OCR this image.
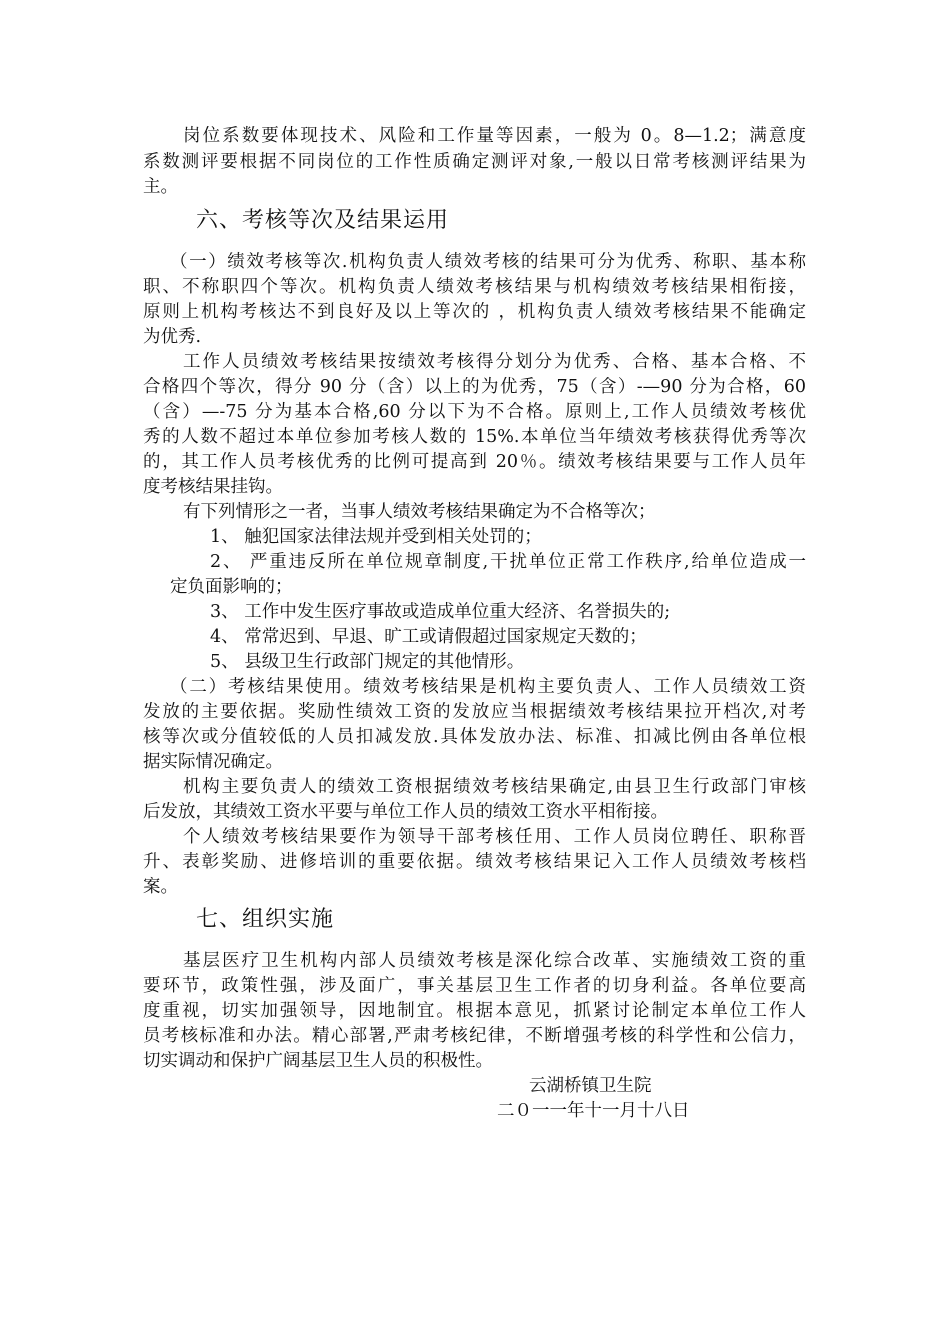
岗位系数要体现技术、风险和工作量等因素，一般为 0。8—1.2；满意度
系数测评要根据不同岗位的工作性质确定测评对象,一般以日常考核测评结果为
主。
六、考核等次及结果运用
（一）绩效考核等次.机构负责人绩效考核的结果可分为优秀、称职、基本称
职、不称职四个等次。机构负责人绩效考核结果与机构绩效考核结果相衔接，
原则上机构考核达不到良好及以上等次的 ，机构负责人绩效考核结果不能确定
为优秀.
工作人员绩效考核结果按绩效考核得分划分为优秀、合格、基本合格、不
合格四个等次，得分 90 分（含）以上的为优秀，75（含）-—90 分为合格，60
（含）—-75 分为基本合格,60 分以下为不合格。原则上,工作人员绩效考核优
秀的人数不超过本单位参加考核人数的 15%.本单位当年绩效考核获得优秀等次
的，其工作人员考核优秀的比例可提高到 20％。绩效考核结果要与工作人员年
度考核结果挂钩。
有下列情形之一者，当事人绩效考核结果确定为不合格等次；
1、 触犯国家法律法规并受到相关处罚的；
2、 严重违反所在单位规章制度,干扰单位正常工作秩序,给单位造成一
定负面影响的；
3、 工作中发生医疗事故或造成单位重大经济、名誉损失的;
4、 常常迟到、早退、旷工或请假超过国家规定天数的；
5、 县级卫生行政部门规定的其他情形。
（二）考核结果使用。绩效考核结果是机构主要负责人、工作人员绩效工资
发放的主要依据。奖励性绩效工资的发放应当根据绩效考核结果拉开档次,对考
核等次或分值较低的人员扣减发放.具体发放办法、标准、扣减比例由各单位根
据实际情况确定。
机构主要负责人的绩效工资根据绩效考核结果确定,由县卫生行政部门审核
后发放，其绩效工资水平要与单位工作人员的绩效工资水平相衔接。
个人绩效考核结果要作为领导干部考核任用、工作人员岗位聘任、职称晋
升、表彰奖励、进修培训的重要依据。绩效考核结果记入工作人员绩效考核档
案。
七、组织实施
基层医疗卫生机构内部人员绩效考核是深化综合改革、实施绩效工资的重
要环节，政策性强，涉及面广，事关基层卫生工作者的切身利益。各单位要高
度重视，切实加强领导，因地制宜。根据本意见，抓紧讨论制定本单位工作人
员考核标准和办法。精心部署,严肃考核纪律，不断增强考核的科学性和公信力，
切实调动和保护广阔基层卫生人员的积极性。
云湖桥镇卫生院
二０一一年十一月十八日
